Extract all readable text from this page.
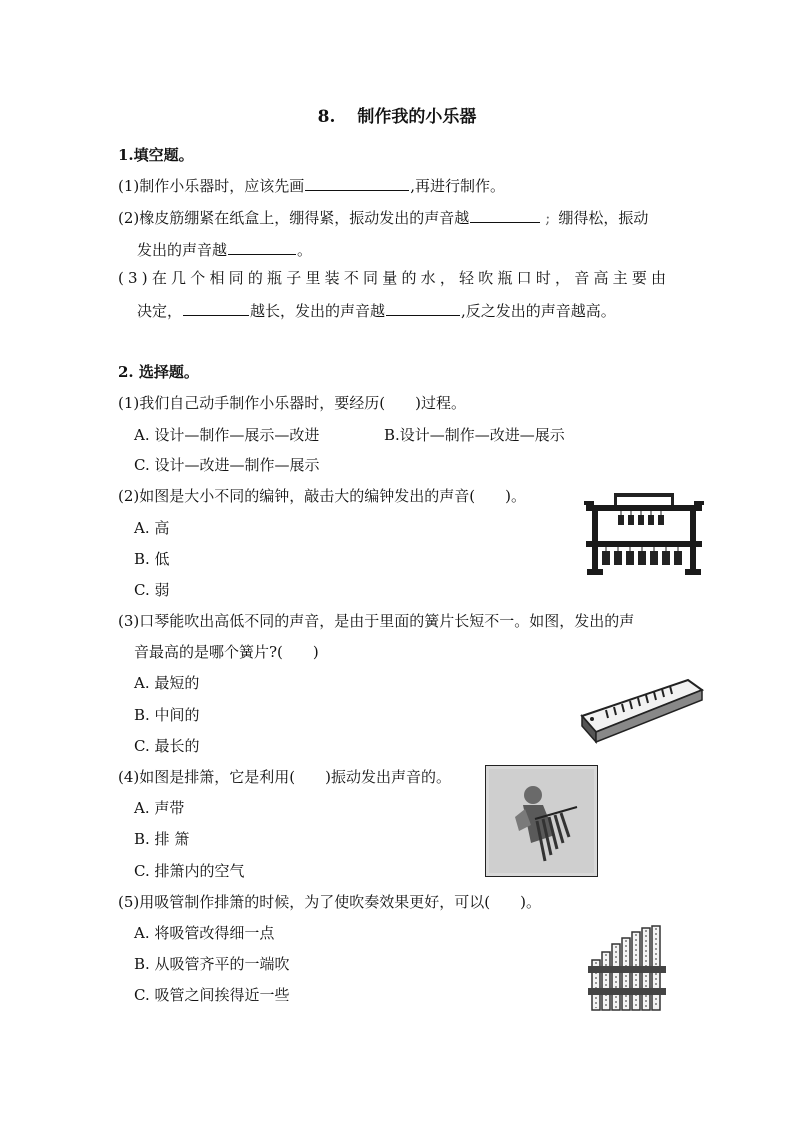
8. 制作我的小乐器
1.填空题。
(1)制作小乐器时，应该先画	,再进行制作。
(2)橡皮筋绷紧在纸盒上，绷得紧，振动发出的声音越	; 绷得松，振动
发出的声音越	。
(3)在几个相同的瓶子里装不同量的水，轻吹瓶口时，音高主要由
决定，	越长，发出的声音越	,反之发出的声音越高。
2. 选择题。
(1)我们自己动手制作小乐器时，要经历(　　)过程。
A. 设计—制作—展示—改进	B.设计—制作—改进—展示
C. 设计—改进—制作—展示
(2)如图是大小不同的编钟，敲击大的编钟发出的声音(　　)。
A. 高
B. 低
C. 弱
(3)口琴能吹出高低不同的声音，是由于里面的簧片长短不一。如图，发出的声
音最高的是哪个簧片?(　　)
A. 最短的
B. 中间的
C. 最长的
(4)如图是排箫，它是利用(　　)振动发出声音的。
A. 声带
B. 排 箫
C. 排箫内的空气
(5)用吸管制作排箫的时候，为了使吹奏效果更好，可以(　　)。
A. 将吸管改得细一点
B. 从吸管齐平的一端吹
C. 吸管之间挨得近一些
